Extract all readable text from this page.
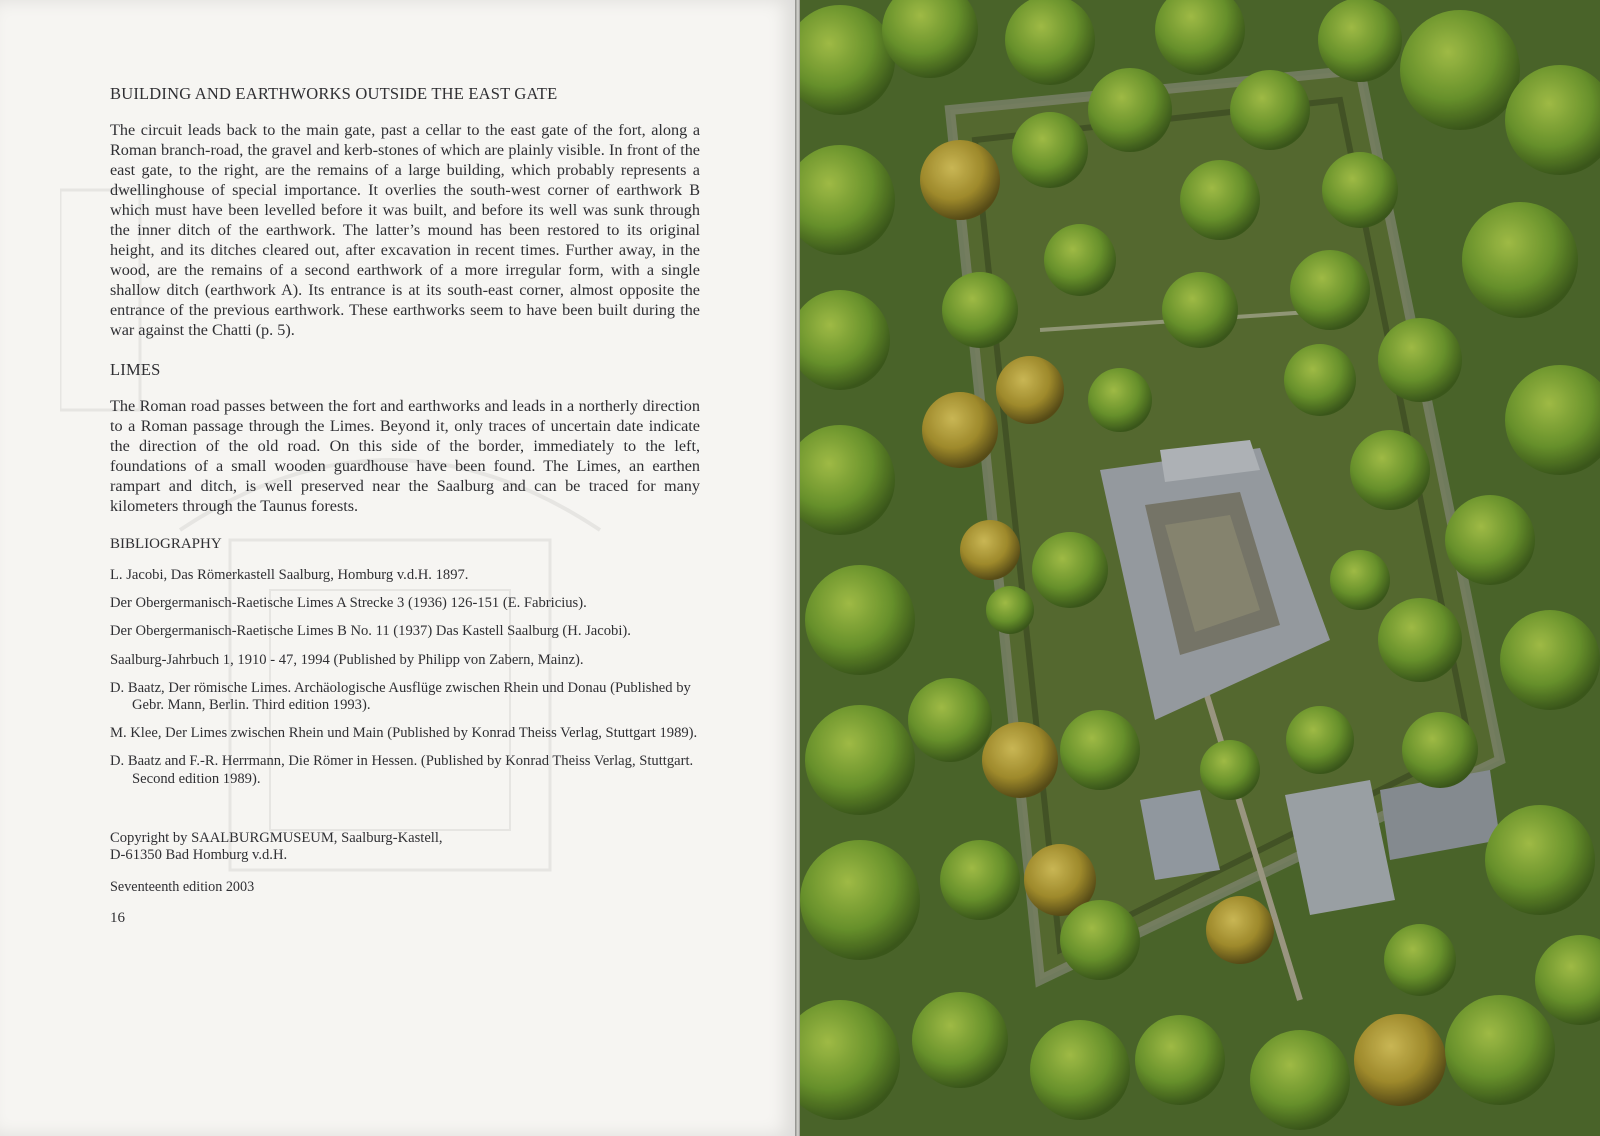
BUILDING AND EARTHWORKS OUTSIDE THE EAST GATE

The circuit leads back to the main gate, past a cellar to the east gate of the fort, along a Roman branch-road, the gravel and kerb-stones of which are plainly visible. In front of the east gate, to the right, are the remains of a large building, which probably represents a dwellinghouse of special importance. It overlies the south-west corner of earthwork B which must have been levelled before it was built, and before its well was sunk through the inner ditch of the earthwork. The latter’s mound has been restored to its original height, and its ditches cleared out, after excavation in recent times. Further away, in the wood, are the remains of a second earthwork of a more irregular form, with a single shallow ditch (earthwork A). Its entrance is at its south-east corner, almost opposite the entrance of the previous earthwork. These earthworks seem to have been built during the war against the Chatti (p. 5).

LIMES

The Roman road passes between the fort and earthworks and leads in a northerly direction to a Roman passage through the Limes. Beyond it, only traces of uncertain date indicate the direction of the old road. On this side of the border, immediately to the left, foundations of a small wooden guardhouse have been found. The Limes, an earthen rampart and ditch, is well preserved near the Saalburg and can be traced for many kilometers through the Taunus forests.

BIBLIOGRAPHY
L. Jacobi, Das Römerkastell Saalburg, Homburg v.d.H. 1897.
Der Obergermanisch-Raetische Limes A Strecke 3 (1936) 126-151 (E. Fabricius).
Der Obergermanisch-Raetische Limes B No. 11 (1937) Das Kastell Saalburg (H. Jacobi).
Saalburg-Jahrbuch 1, 1910 - 47, 1994 (Published by Philipp von Zabern, Mainz).
D. Baatz, Der römische Limes. Archäologische Ausflüge zwischen Rhein und Donau (Published by Gebr. Mann, Berlin. Third edition 1993).
M. Klee, Der Limes zwischen Rhein und Main (Published by Konrad Theiss Verlag, Stuttgart 1989).
D. Baatz and F.-R. Herrmann, Die Römer in Hessen. (Published by Konrad Theiss Verlag, Stuttgart. Second edition 1989).
Copyright by SAALBURGMUSEUM, Saalburg-Kastell,
D-61350 Bad Homburg v.d.H.
Seventeenth edition 2003
16
